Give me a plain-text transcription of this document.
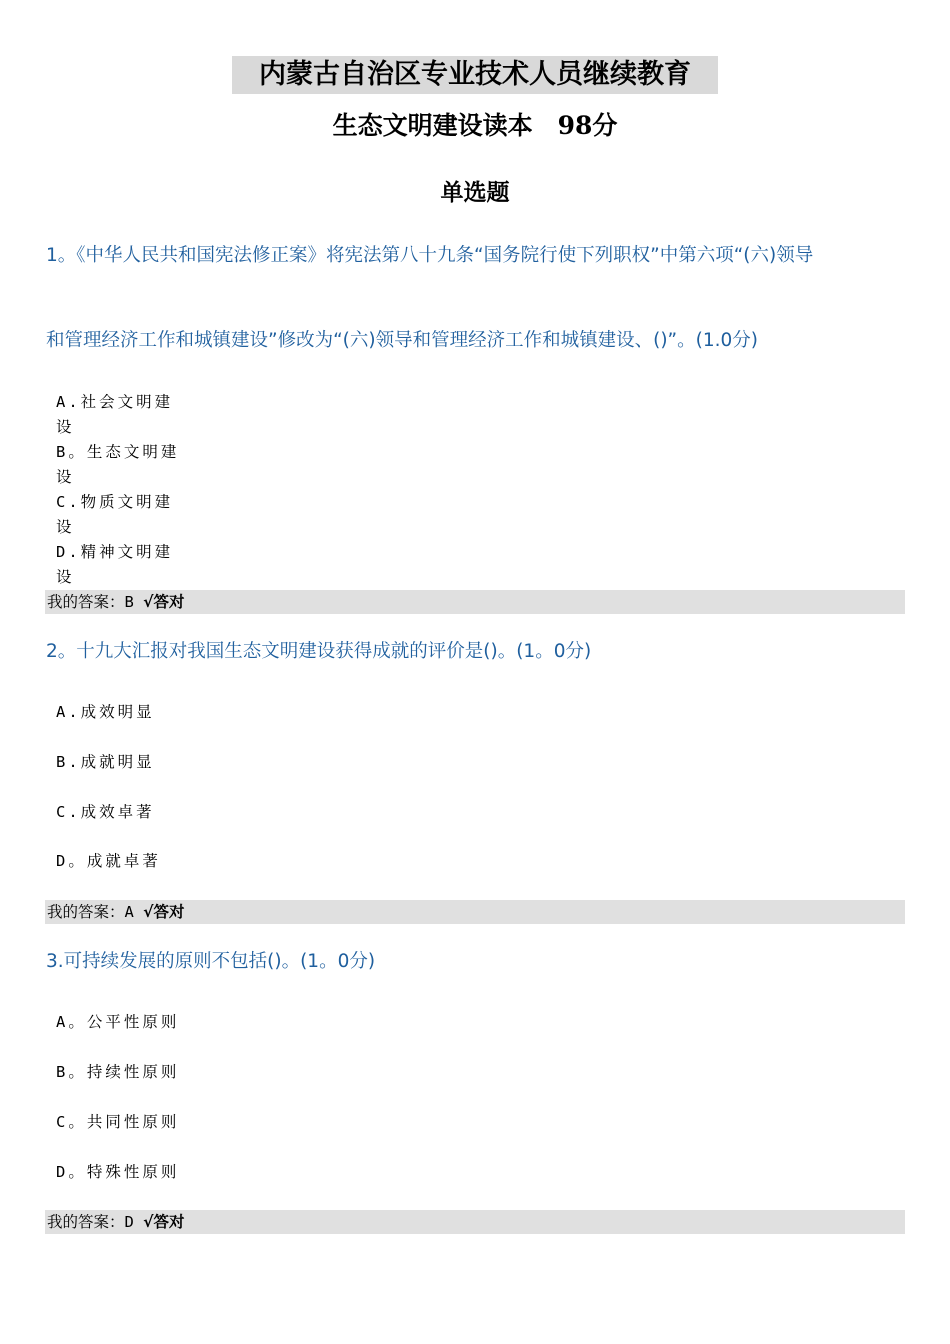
内蒙古自治区专业技术人员继续教育
生态文明建设读本　98分
单选题
1。《中华人民共和国宪法修正案》将宪法第八十九条“国务院行使下列职权”中第六项“(六)领导
和管理经济工作和城镇建设”修改为“(六)领导和管理经济工作和城镇建设、()”。(1.0分)
A.社会文明建设
B。生态文明建设
C.物质文明建设
D.精神文明建设
我的答案：B √答对
2。十九大汇报对我国生态文明建设获得成就的评价是()。(1。0分)
A.成效明显
B.成就明显
C.成效卓著
D。成就卓著
我的答案：A √答对
3.可持续发展的原则不包括()。(1。0分)
A。公平性原则
B。持续性原则
C。共同性原则
D。特殊性原则
我的答案：D √答对
